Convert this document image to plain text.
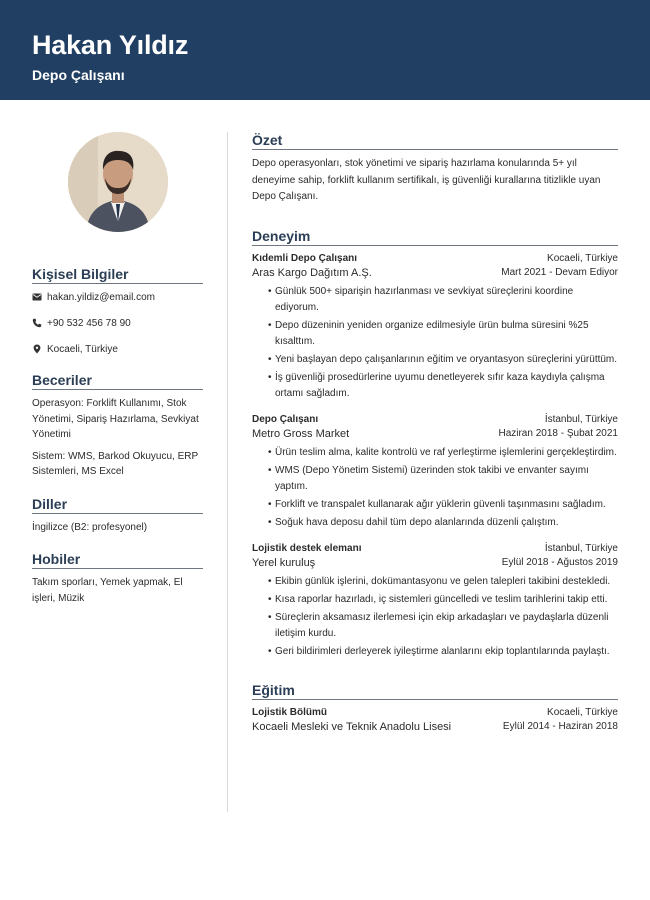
Hakan Yıldız
Depo Çalışanı
Kişisel Bilgiler
hakan.yildiz@email.com
+90 532 456 78 90
Kocaeli, Türkiye
Beceriler
Operasyon: Forklift Kullanımı, Stok Yönetimi, Sipariş Hazırlama, Sevkiyat Yönetimi
Sistem: WMS, Barkod Okuyucu, ERP Sistemleri, MS Excel
Diller
İngilizce (B2: profesyonel)
Hobiler
Takım sporları, Yemek yapmak, El işleri, Müzik
Özet
Depo operasyonları, stok yönetimi ve sipariş hazırlama konularında 5+ yıl deneyime sahip, forklift kullanım sertifikalı, iş güvenliği kurallarına titizlikle uyan Depo Çalışanı.
Deneyim
Kıdemli Depo Çalışanı	Kocaeli, Türkiye
Aras Kargo Dağıtım A.Ş.	Mart 2021 - Devam Ediyor
• Günlük 500+ siparişin hazırlanması ve sevkiyat süreçlerini koordine ediyorum.
• Depo düzeninin yeniden organize edilmesiyle ürün bulma süresini %25 kısalttım.
• Yeni başlayan depo çalışanlarının eğitim ve oryantasyon süreçlerini yürüttüm.
• İş güvenliği prosedürlerine uyumu denetleyerek sıfır kaza kaydıyla çalışma ortamı sağladım.
Depo Çalışanı	İstanbul, Türkiye
Metro Gross Market	Haziran 2018 - Şubat 2021
• Ürün teslim alma, kalite kontrolü ve raf yerleştirme işlemlerini gerçekleştirdim.
• WMS (Depo Yönetim Sistemi) üzerinden stok takibi ve envanter sayımı yaptım.
• Forklift ve transpalet kullanarak ağır yüklerin güvenli taşınmasını sağladım.
• Soğuk hava deposu dahil tüm depo alanlarında düzenli çalıştım.
Lojistik destek elemanı	İstanbul, Türkiye
Yerel kuruluş	Eylül 2018 - Ağustos 2019
• Ekibin günlük işlerini, dokümantasyonu ve gelen talepleri takibini destekledi.
• Kısa raporlar hazırladı, iç sistemleri güncelledi ve teslim tarihlerini takip etti.
• Süreçlerin aksamasız ilerlemesi için ekip arkadaşları ve paydaşlarla düzenli iletişim kurdu.
• Geri bildirimleri derleyerek iyileştirme alanlarını ekip toplantılarında paylaştı.
Eğitim
Lojistik Bölümü	Kocaeli, Türkiye
Kocaeli Mesleki ve Teknik Anadolu Lisesi	Eylül 2014 - Haziran 2018
